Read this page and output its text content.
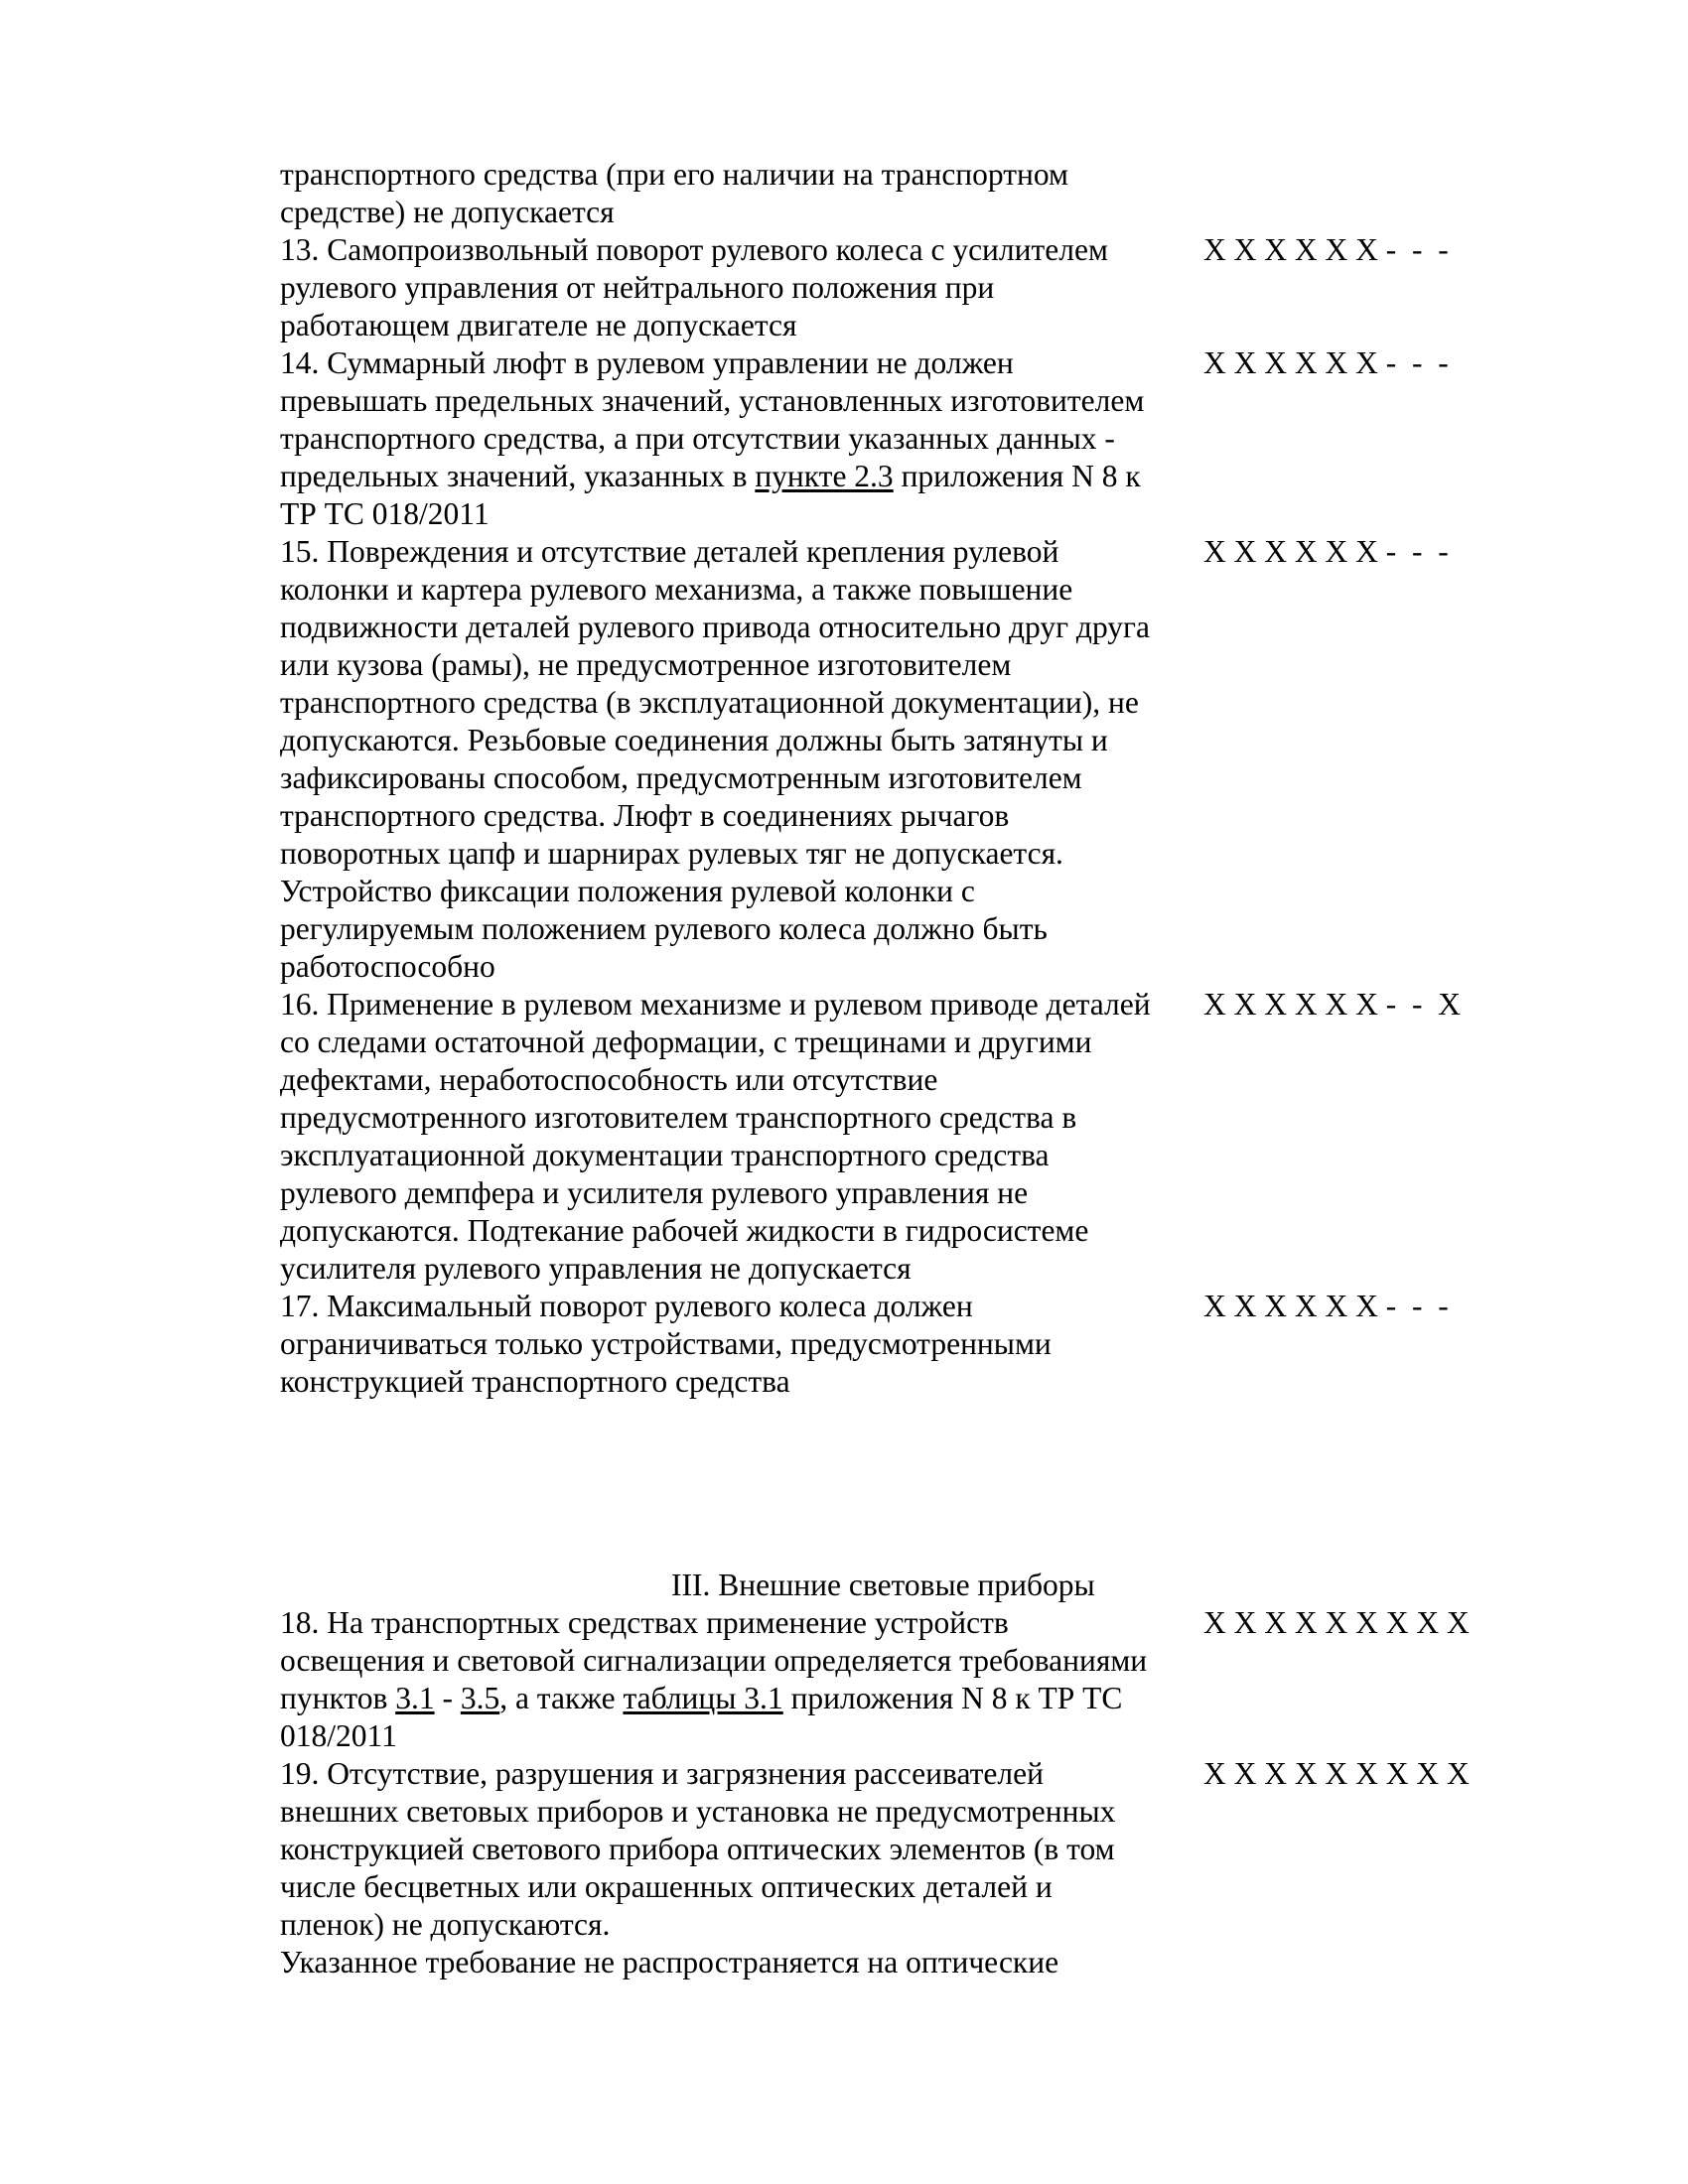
транспортного средства (при его наличии на транспортном
средстве) не допускается
13. Самопроизвольный поворот рулевого колеса с усилителем
рулевого управления от нейтрального положения при
работающем двигателе не допускается
X X X X X X -  -  -
14. Суммарный люфт в рулевом управлении не должен
превышать предельных значений, установленных изготовителем
транспортного средства, а при отсутствии указанных данных -
предельных значений, указанных в пункте 2.3 приложения N 8 к
ТР ТС 018/2011
X X X X X X -  -  -
15. Повреждения и отсутствие деталей крепления рулевой
колонки и картера рулевого механизма, а также повышение
подвижности деталей рулевого привода относительно друг друга
или кузова (рамы), не предусмотренное изготовителем
транспортного средства (в эксплуатационной документации), не
допускаются. Резьбовые соединения должны быть затянуты и
зафиксированы способом, предусмотренным изготовителем
транспортного средства. Люфт в соединениях рычагов
поворотных цапф и шарнирах рулевых тяг не допускается.
Устройство фиксации положения рулевой колонки с
регулируемым положением рулевого колеса должно быть
работоспособно
X X X X X X -  -  -
16. Применение в рулевом механизме и рулевом приводе деталей
со следами остаточной деформации, с трещинами и другими
дефектами, неработоспособность или отсутствие
предусмотренного изготовителем транспортного средства в
эксплуатационной документации транспортного средства
рулевого демпфера и усилителя рулевого управления не
допускаются. Подтекание рабочей жидкости в гидросистеме
усилителя рулевого управления не допускается
X X X X X X -  -  X
17. Максимальный поворот рулевого колеса должен
ограничиваться только устройствами, предусмотренными
конструкцией транспортного средства
X X X X X X -  -  -
III. Внешние световые приборы
18. На транспортных средствах применение устройств
освещения и световой сигнализации определяется требованиями
пунктов 3.1 - 3.5, а также таблицы 3.1 приложения N 8 к ТР ТС
018/2011
X X X X X X X X X
19. Отсутствие, разрушения и загрязнения рассеивателей
внешних световых приборов и установка не предусмотренных
конструкцией светового прибора оптических элементов (в том
числе бесцветных или окрашенных оптических деталей и
пленок) не допускаются.
Указанное требование не распространяется на оптические
X X X X X X X X X
